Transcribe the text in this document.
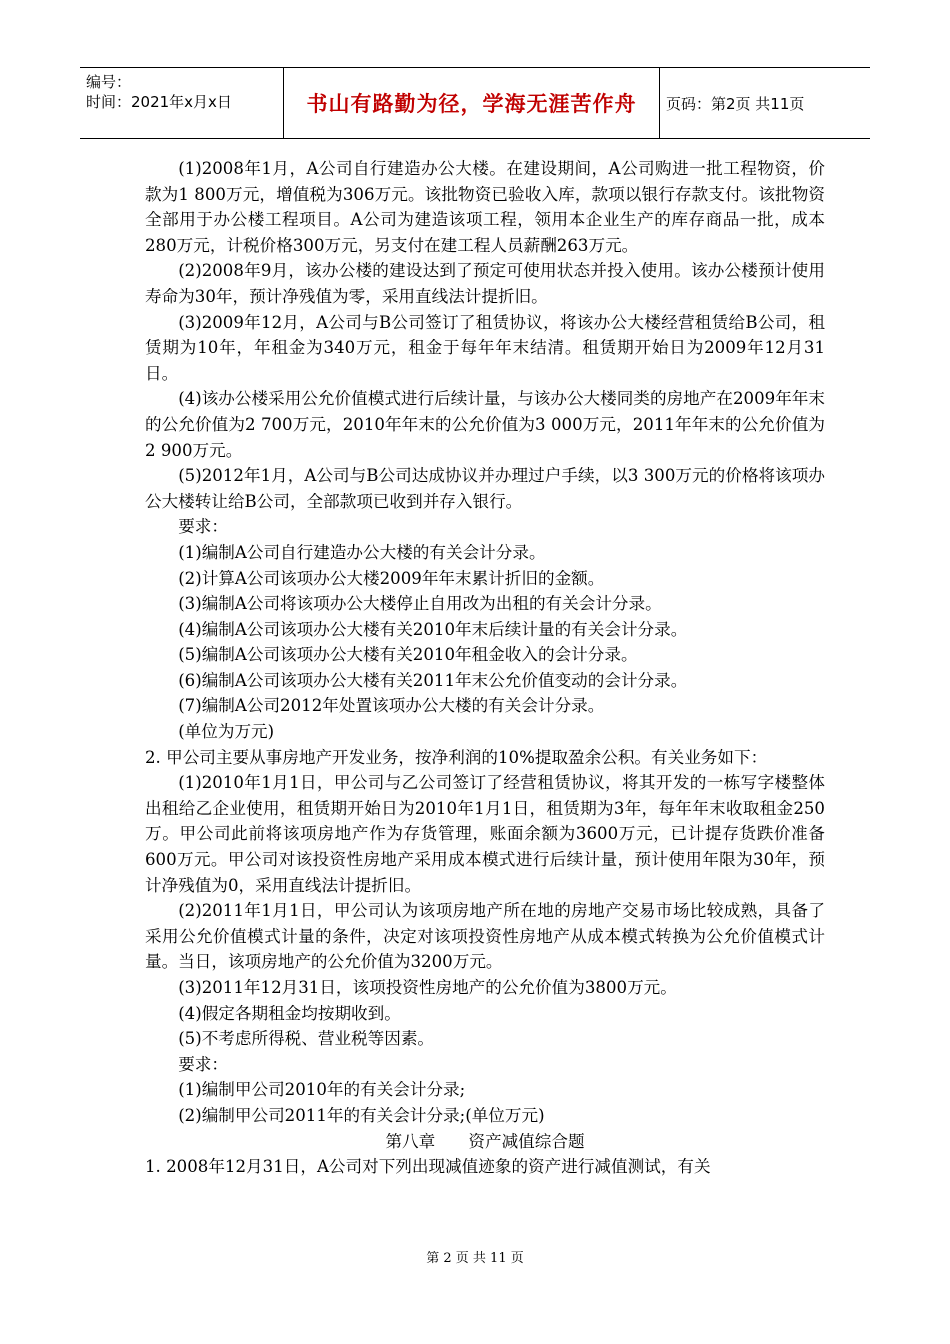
编号：
时间：2021年x月x日	书山有路勤为径，学海无涯苦作舟	页码：第2页 共11页

(1)2008年1月，A公司自行建造办公大楼。在建设期间，A公司购进一批工程物资，价款为1 800万元，增值税为306万元。该批物资已验收入库，款项以银行存款支付。该批物资全部用于办公楼工程项目。A公司为建造该项工程，领用本企业生产的库存商品一批，成本280万元，计税价格300万元，另支付在建工程人员薪酬263万元。

(2)2008年9月，该办公楼的建设达到了预定可使用状态并投入使用。该办公楼预计使用寿命为30年，预计净残值为零，采用直线法计提折旧。

(3)2009年12月，A公司与B公司签订了租赁协议，将该办公大楼经营租赁给B公司，租赁期为10年，年租金为340万元，租金于每年年末结清。租赁期开始日为2009年12月31日。

(4)该办公楼采用公允价值模式进行后续计量，与该办公大楼同类的房地产在2009年年末的公允价值为2 700万元，2010年年末的公允价值为3 000万元，2011年年末的公允价值为2 900万元。

(5)2012年1月，A公司与B公司达成协议并办理过户手续，以3 300万元的价格将该项办公大楼转让给B公司，全部款项已收到并存入银行。

要求：

(1)编制A公司自行建造办公大楼的有关会计分录。

(2)计算A公司该项办公大楼2009年年末累计折旧的金额。

(3)编制A公司将该项办公大楼停止自用改为出租的有关会计分录。

(4)编制A公司该项办公大楼有关2010年末后续计量的有关会计分录。

(5)编制A公司该项办公大楼有关2010年租金收入的会计分录。

(6)编制A公司该项办公大楼有关2011年末公允价值变动的会计分录。

(7)编制A公司2012年处置该项办公大楼的有关会计分录。

(单位为万元)

2. 甲公司主要从事房地产开发业务，按净利润的10%提取盈余公积。有关业务如下：

(1)2010年1月1日，甲公司与乙公司签订了经营租赁协议，将其开发的一栋写字楼整体出租给乙企业使用，租赁期开始日为2010年1月1日，租赁期为3年，每年年末收取租金250万。甲公司此前将该项房地产作为存货管理，账面余额为3600万元，已计提存货跌价准备600万元。甲公司对该投资性房地产采用成本模式进行后续计量，预计使用年限为30年，预计净残值为0，采用直线法计提折旧。

(2)2011年1月1日，甲公司认为该项房地产所在地的房地产交易市场比较成熟，具备了采用公允价值模式计量的条件，决定对该项投资性房地产从成本模式转换为公允价值模式计量。当日，该项房地产的公允价值为3200万元。

(3)2011年12月31日，该项投资性房地产的公允价值为3800万元。

(4)假定各期租金均按期收到。

(5)不考虑所得税、营业税等因素。

要求：

(1)编制甲公司2010年的有关会计分录;

(2)编制甲公司2011年的有关会计分录;(单位万元)

第八章　　资产减值综合题

1. 2008年12月31日，A公司对下列出现减值迹象的资产进行减值测试，有关

第 2 页 共 11 页
